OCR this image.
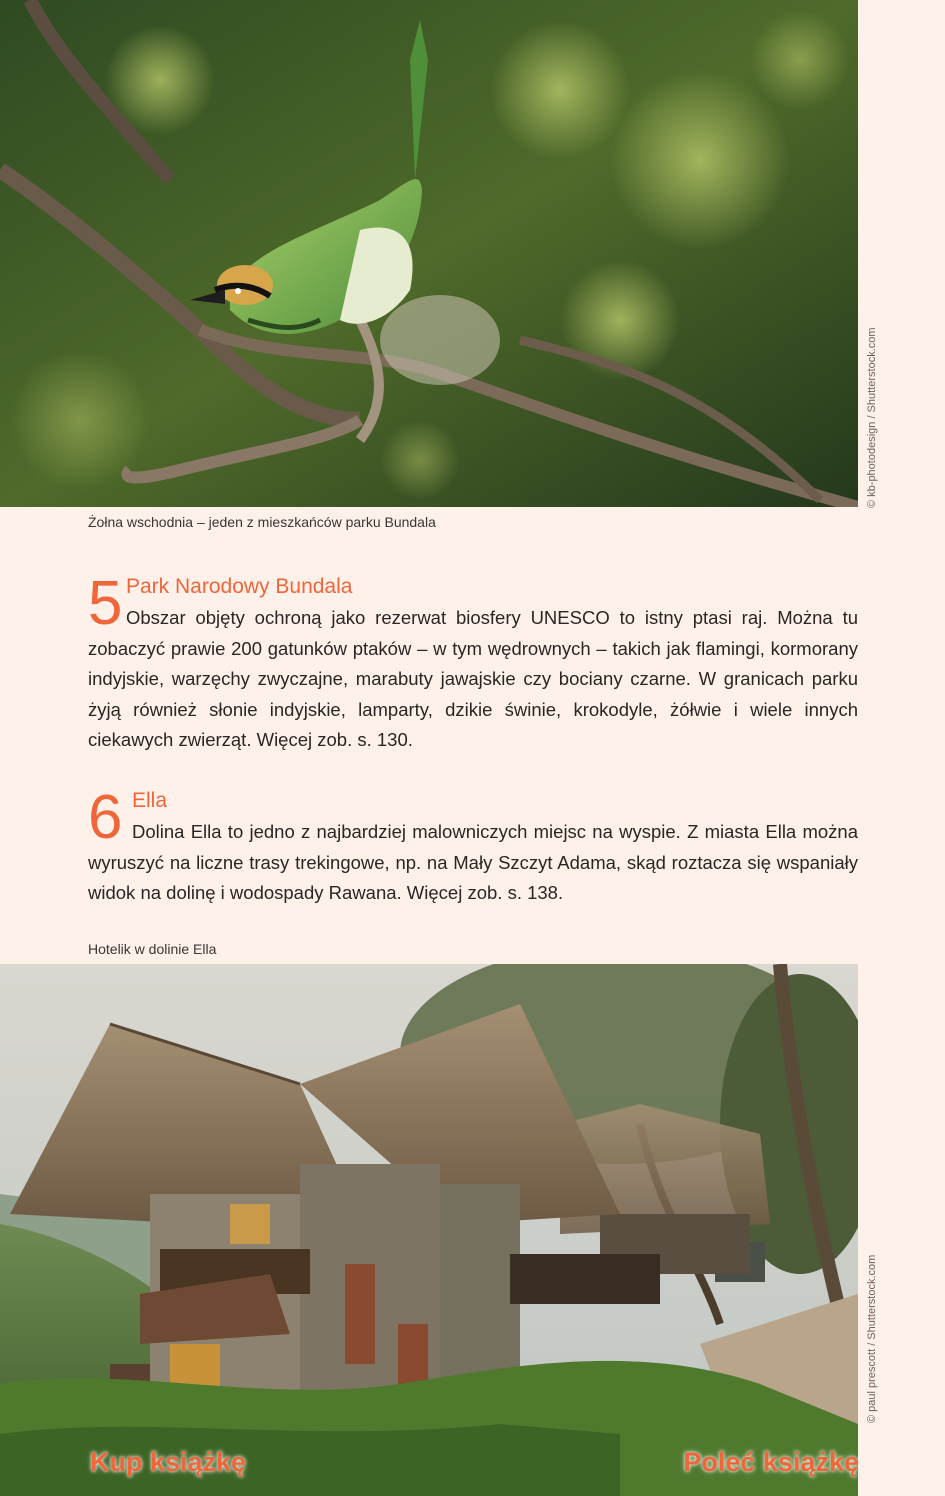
© kb-photodesign / Shutterstock.com
Żołna wschodnia – jeden z mieszkańców parku Bundala
5 Park Narodowy Bundala

Obszar objęty ochroną jako rezerwat biosfery UNESCO to istny ptasi raj. Można tu zobaczyć prawie 200 gatunków ptaków – w tym wędrownych – takich jak flamingi, kormorany indyjskie, warzęchy zwyczajne, marabuty jawajskie czy bociany czarne. W granicach parku żyją również słonie indyjskie, lamparty, dzikie świnie, krokodyle, żółwie i wiele innych ciekawych zwierząt. Więcej zob. s. 130.

6 Ella

Dolina Ella to jedno z najbardziej malowniczych miejsc na wyspie. Z miasta Ella można wyruszyć na liczne trasy trekingowe, np. na Mały Szczyt Adama, skąd roztacza się wspaniały widok na dolinę i wodospady Rawana. Więcej zob. s. 138.

Hotelik w dolinie Ella
© paul prescott / Shutterstock.com
Kup książkę	Poleć książkę
